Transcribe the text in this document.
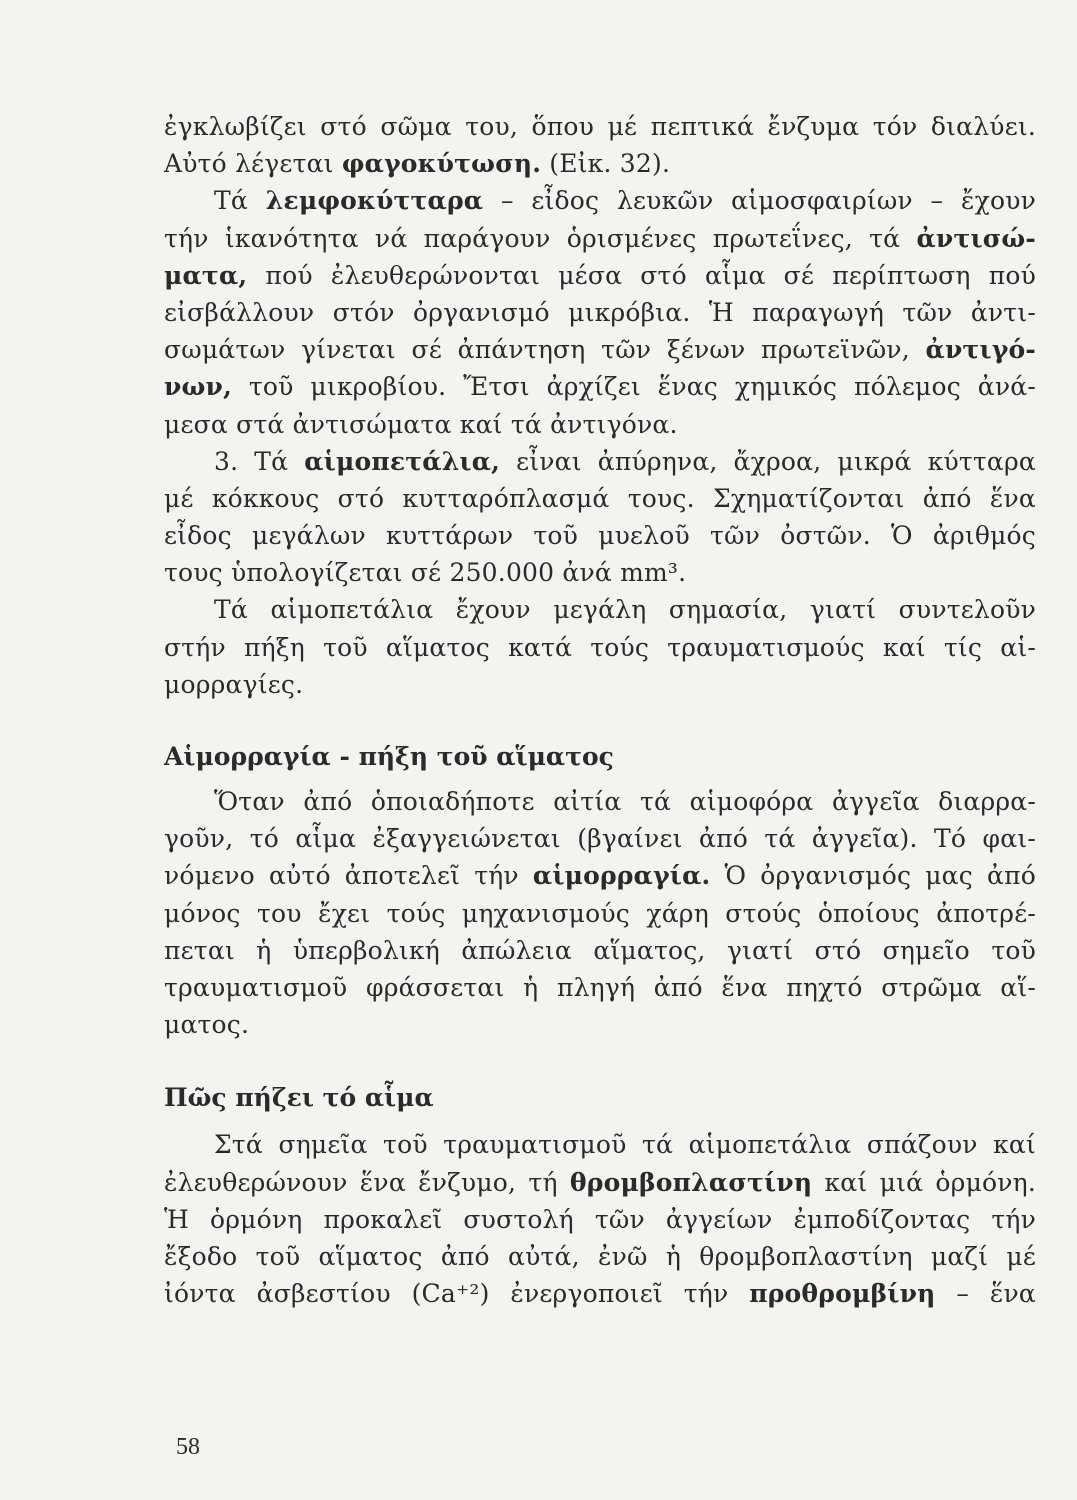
ἐγκλωβίζει στό σῶμα του, ὅπου μέ πεπτικά ἔνζυμα τόν διαλύει.
Αὐτό λέγεται φαγοκύτωση. (Εἰκ. 32).
Τά λεμφοκύτταρα – εἶδος λευκῶν αἱμοσφαιρίων – ἔχουν
τήν ἱκανότητα νά παράγουν ὁρισμένες πρωτεΐνες, τά ἀντισώ-
ματα, πού ἐλευθερώνονται μέσα στό αἷμα σέ περίπτωση πού
εἰσβάλλουν στόν ὀργανισμό μικρόβια. Ἡ παραγωγή τῶν ἀντι-
σωμάτων γίνεται σέ ἀπάντηση τῶν ξένων πρωτεϊνῶν, ἀντιγό-
νων, τοῦ μικροβίου. Ἔτσι ἀρχίζει ἕνας χημικός πόλεμος ἀνά-
μεσα στά ἀντισώματα καί τά ἀντιγόνα.
3. Τά αἱμοπετάλια, εἶναι ἀπύρηνα, ἄχροα, μικρά κύτταρα
μέ κόκκους στό κυτταρόπλασμά τους. Σχηματίζονται ἀπό ἕνα
εἶδος μεγάλων κυττάρων τοῦ μυελοῦ τῶν ὀστῶν. Ὁ ἀριθμός
τους ὑπολογίζεται σέ 250.000 ἀνά mm³.
Τά αἱμοπετάλια ἔχουν μεγάλη σημασία, γιατί συντελοῦν
στήν πήξη τοῦ αἵματος κατά τούς τραυματισμούς καί τίς αἱ-
μορραγίες.
Αἱμορραγία - πήξη τοῦ αἵματος
Ὅταν ἀπό ὁποιαδήποτε αἰτία τά αἱμοφόρα ἀγγεῖα διαρρα-
γοῦν, τό αἷμα ἐξαγγειώνεται (βγαίνει ἀπό τά ἀγγεῖα). Τό φαι-
νόμενο αὐτό ἀποτελεῖ τήν αἱμορραγία. Ὁ ὀργανισμός μας ἀπό
μόνος του ἔχει τούς μηχανισμούς χάρη στούς ὁποίους ἀποτρέ-
πεται ἡ ὑπερβολική ἀπώλεια αἵματος, γιατί στό σημεῖο τοῦ
τραυματισμοῦ φράσσεται ἡ πληγή ἀπό ἕνα πηχτό στρῶμα αἵ-
ματος.
Πῶς πήζει τό αἷμα
Στά σημεῖα τοῦ τραυματισμοῦ τά αἱμοπετάλια σπάζουν καί
ἐλευθερώνουν ἕνα ἔνζυμο, τή θρομβοπλαστίνη καί μιά ὁρμόνη.
Ἡ ὁρμόνη προκαλεῖ συστολή τῶν ἀγγείων ἐμποδίζοντας τήν
ἔξοδο τοῦ αἵματος ἀπό αὐτά, ἐνῶ ἡ θρομβοπλαστίνη μαζί μέ
ἰόντα ἀσβεστίου (Ca⁺²) ἐνεργοποιεῖ τήν προθρομβίνη – ἕνα
58
